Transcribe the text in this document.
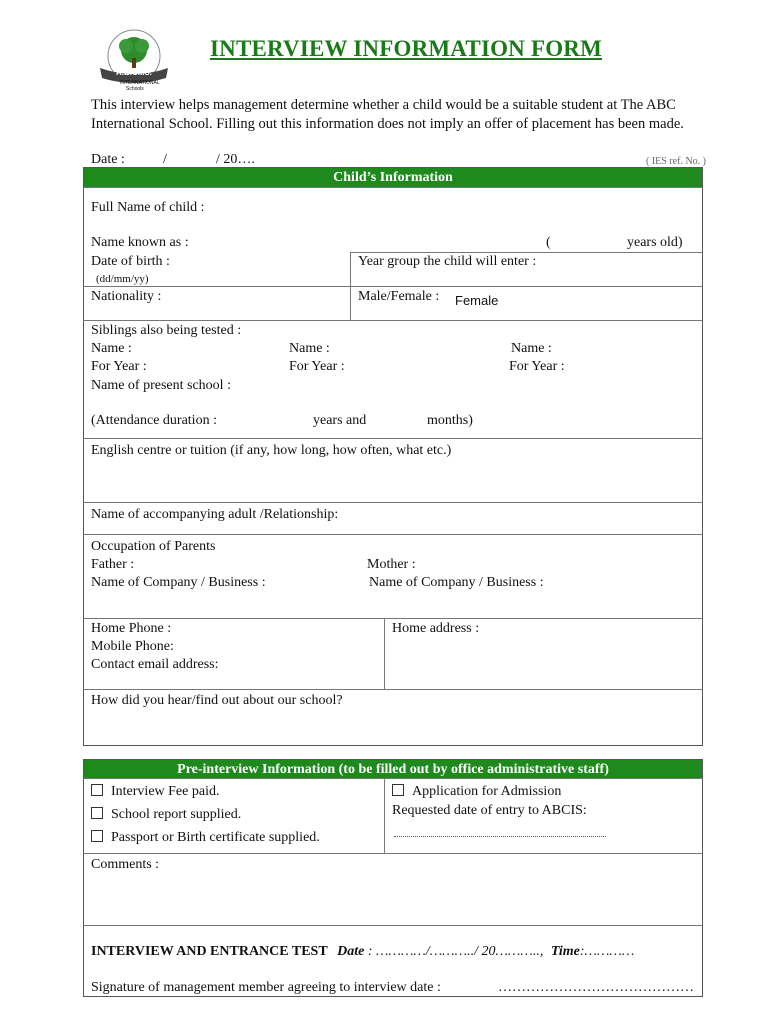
A.B.C.I.S.
INTERNATIONAL
Schools
INTERVIEW INFORMATION FORM
This interview helps management determine whether a child would be a suitable student at The ABC International School. Filling out this information does not imply an offer of placement has been made.
Date :	/	/ 20….	( IES ref. No. )
Child’s Information
Full Name of child :
Name known as :	(	years old)
Date of birth :
(dd/mm/yy)
Year group the child will enter :
Nationality :	Male/Female : Female
Siblings also being tested :
Name :	Name :	Name :
For Year :	For Year :	For Year :
Name of present school :
(Attendance duration :	years and	months)
English centre or tuition (if any, how long, how often, what etc.)
Name of accompanying adult /Relationship:
Occupation of Parents
Father :	Mother :
Name of Company / Business :	Name of Company / Business :
Home Phone :
Mobile Phone:
Contact email address:
Home address :
How did you hear/find out about our school?
Pre-interview Information (to be filled out by office administrative staff)
Interview Fee paid.
School report supplied.
Passport or Birth certificate supplied.
Application for Admission
Requested date of entry to ABCIS:
Comments :
INTERVIEW AND ENTRANCE TEST Date : …………/………../ 20……….., Time:…………
Signature of management member agreeing to interview date :	……………………………………
